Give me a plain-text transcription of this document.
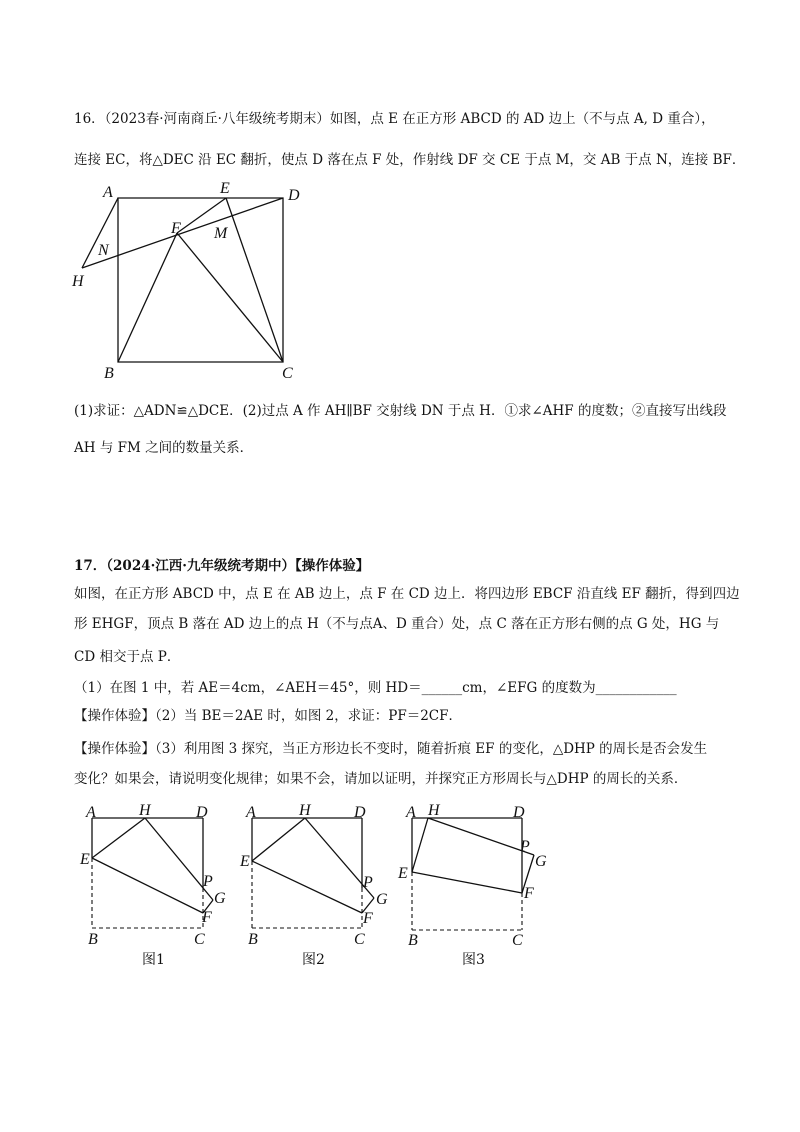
16．（2023春·河南商丘·八年级统考期末）如图，点 E 在正方形 ABCD 的 AD 边上（不与点 A, D 重合），
连接 EC，将△DEC 沿 EC 翻折，使点 D 落在点 F 处，作射线 DF 交 CE 于点 M，交 AB 于点 N，连接 BF．
A	E	D
F M
N
H
B	C
(1)求证：△ADN≌△DCE．(2)过点 A 作 AH∥BF 交射线 DN 于点 H．①求∠AHF 的度数；②直接写出线段
AH 与 FM 之间的数量关系．
17．（2024·江西·九年级统考期中）【操作体验】
如图，在正方形 ABCD 中，点 E 在 AB 边上，点 F 在 CD 边上．将四边形 EBCF 沿直线 EF 翻折，得到四边
形 EHGF，顶点 B 落在 AD 边上的点 H（不与点A、D 重合）处，点 C 落在正方形右侧的点 G 处，HG 与
CD 相交于点 P．
（1）在图 1 中，若 AE＝4cm，∠AEH＝45°，则 HD＝______cm，∠EFG 的度数为____________
【操作体验】（2）当 BE＝2AE 时，如图 2，求证：PF＝2CF．
【操作体验】（3）利用图 3 探究，当正方形边长不变时，随着折痕 EF 的变化，△DHP 的周长是否会发生
变化？如果会，请说明变化规律；如果不会，请加以证明，并探究正方形周长与△DHP 的周长的关系．
A	H	D
E
P
G
F
B	C
A	H	D
E
P
G
F
B	C
A H	D
E
P
G
F
B	C
图1	图2	图3
